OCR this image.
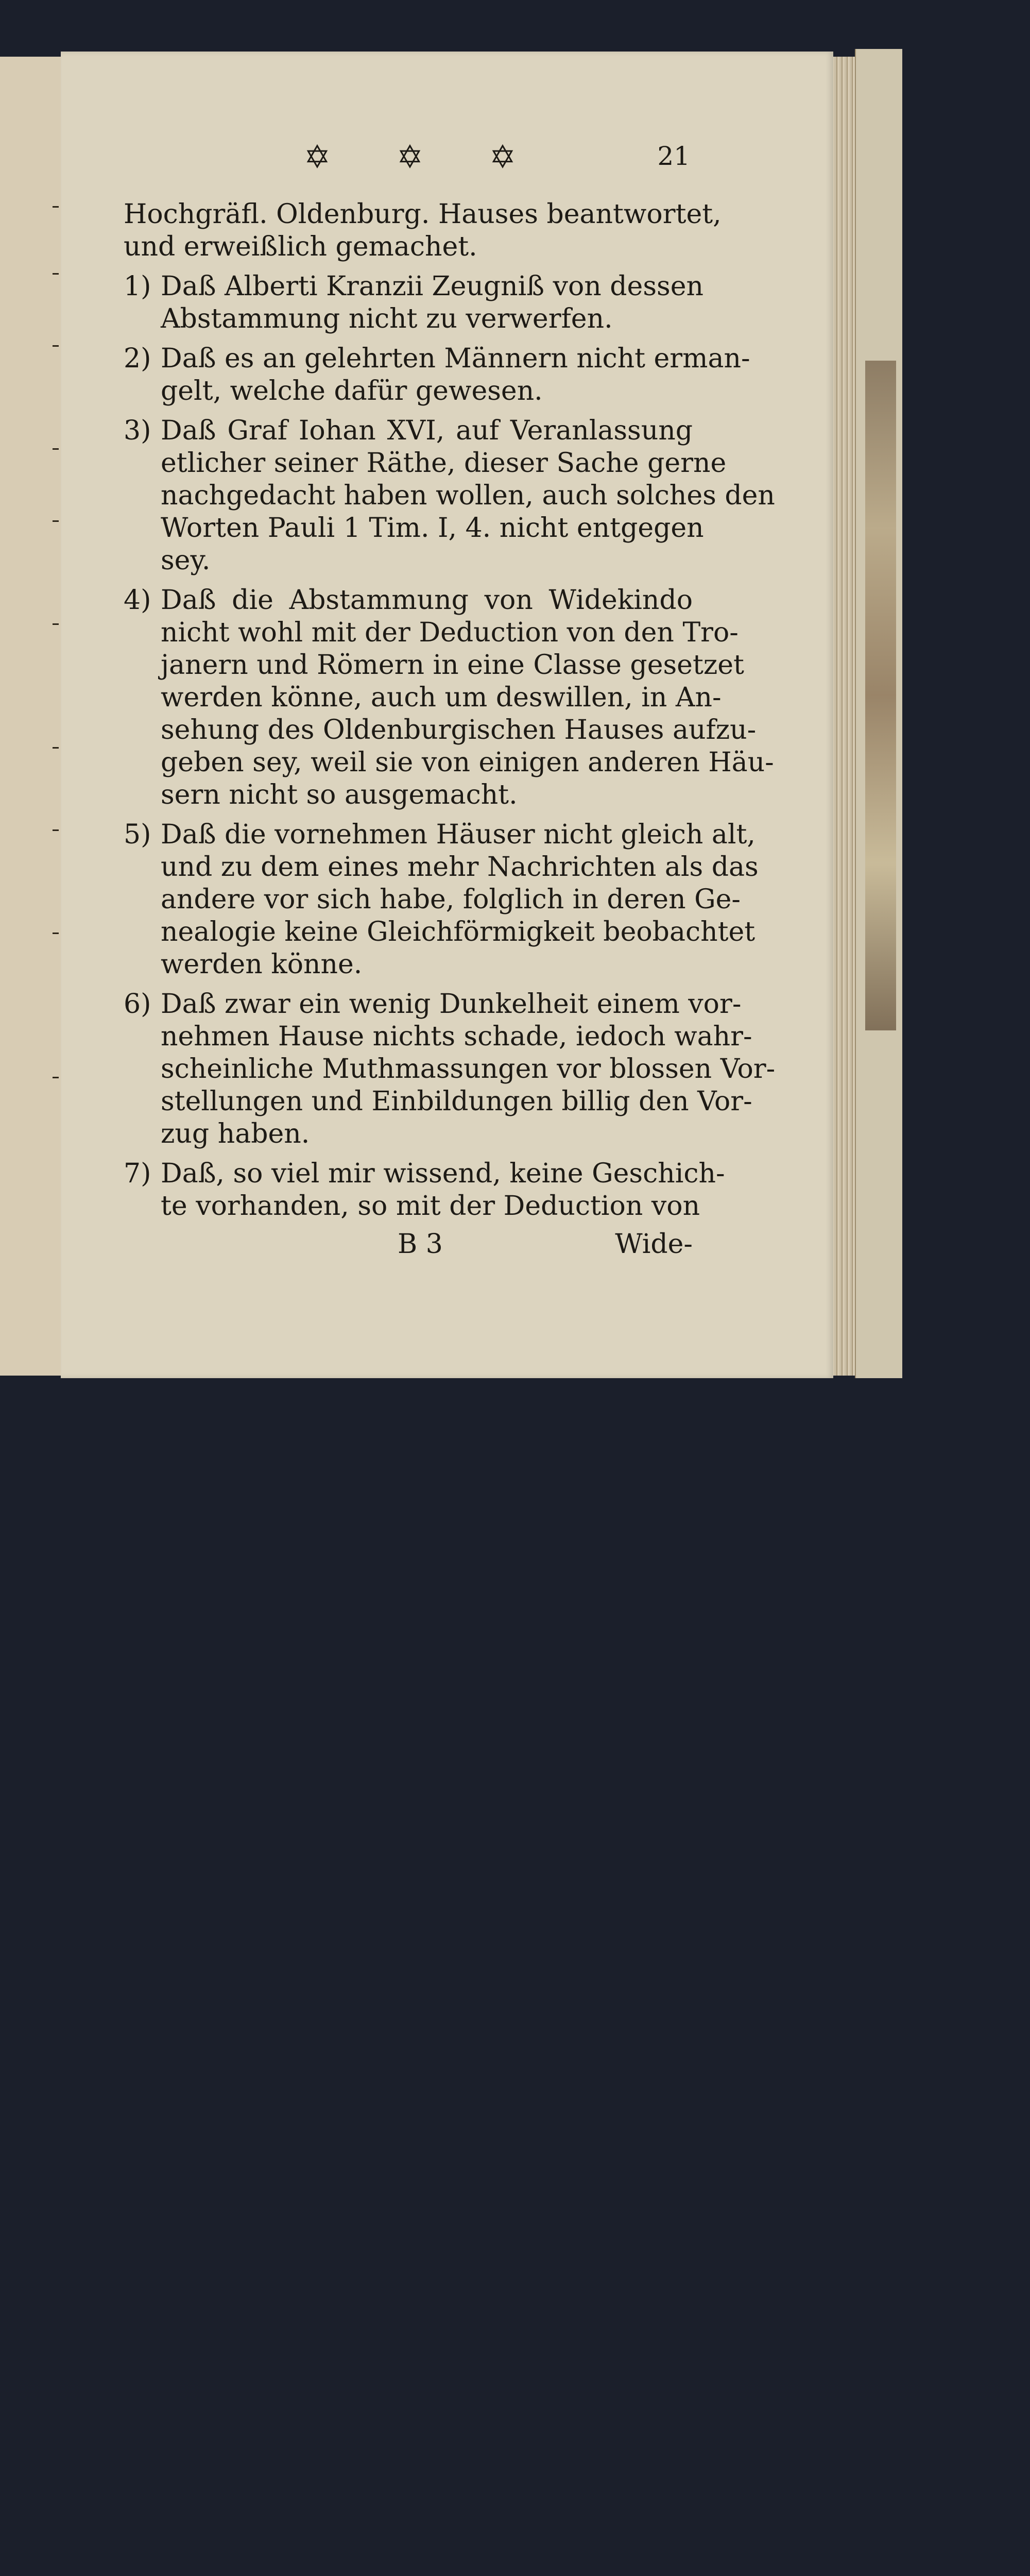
✡ ✡ ✡	21
Hochgräfl. Oldenburg. Hauses beantwortet,
und erweißlich gemachet.
1) Daß Alberti Kranzii Zeugniß von dessen
Abstammung nicht zu verwerfen.
2) Daß es an gelehrten Männern nicht erman-
gelt, welche dafür gewesen.
3) Daß Graf Iohan XVI, auf Veranlassung
etlicher seiner Räthe, dieser Sache gerne
nachgedacht haben wollen, auch solches den
Worten Pauli 1 Tim. I, 4. nicht entgegen
sey.
4) Daß die Abstammung von Widekindo
nicht wohl mit der Deduction von den Tro-
janern und Römern in eine Classe gesetzet
werden könne, auch um deswillen, in An-
sehung des Oldenburgischen Hauses aufzu-
geben sey, weil sie von einigen anderen Häu-
sern nicht so ausgemacht.
5) Daß die vornehmen Häuser nicht gleich alt,
und zu dem eines mehr Nachrichten als das
andere vor sich habe, folglich in deren Ge-
nealogie keine Gleichförmigkeit beobachtet
werden könne.
6) Daß zwar ein wenig Dunkelheit einem vor-
nehmen Hause nichts schade, iedoch wahr-
scheinliche Muthmassungen vor blossen Vor-
stellungen und Einbildungen billig den Vor-
zug haben.
7) Daß, so viel mir wissend, keine Geschich-
te vorhanden, so mit der Deduction von
B 3	Wide-
